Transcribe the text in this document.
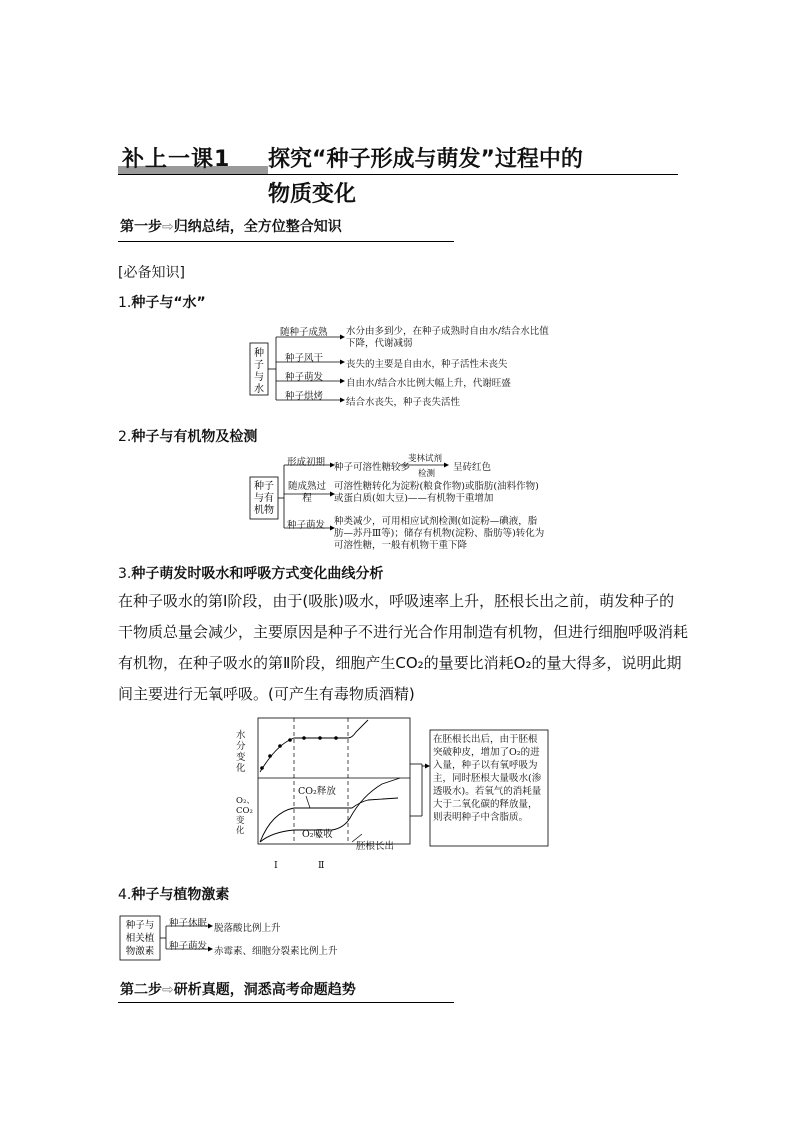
补上一课1 探究“种子形成与萌发”过程中的
物质变化
第一步⇨归纳总结，全方位整合知识
[必备知识]
1.种子与“水”
种
子
与
水
随种子成熟 水分由多到少，在种子成熟时自由水/结合水比值下降，代谢减弱
种子风干
丧失的主要是自由水，种子活性未丧失
种子萌发
自由水/结合水比例大幅上升，代谢旺盛
种子烘烤
结合水丧失，种子丧失活性
2.种子与有机物及检测
种子
与有
机物
形成初期 种子可溶性糖较多
斐林试剂
检测
呈砖红色
随成熟过程
可溶性糖转化为淀粉(粮食作物)或脂肪(油料作物)或蛋白质(如大豆)——有机物干重增加
种子萌发 种类减少，可用相应试剂检测(如淀粉—碘液，脂肪—苏丹Ⅲ等)；储存有机物(淀粉、脂肪等)转化为可溶性糖，一般有机物干重下降
3.种子萌发时吸水和呼吸方式变化曲线分析
在种子吸水的第Ⅰ阶段，由于(吸胀)吸水，呼吸速率上升，胚根长出之前，萌发种子的干物质总量会减少，主要原因是种子不进行光合作用制造有机物，但进行细胞呼吸消耗有机物，在种子吸水的第Ⅱ阶段，细胞产生CO₂的量要比消耗O₂的量大得多，说明此期间主要进行无氧呼吸。(可产生有毒物质酒精)
水分变化
O₂、CO₂变化
CO₂释放
O₂吸收
胚根长出
Ⅰ	Ⅱ
在胚根长出后，由于胚根突破种皮，增加了O₂的进入量，种子以有氧呼吸为主，同时胚根大量吸水(渗透吸水)。若氧气的消耗量大于二氧化碳的释放量，则表明种子中含脂质。
4.种子与植物激素
种子与
相关植
物激素
种子休眠 脱落酸比例上升
种子萌发 赤霉素、细胞分裂素比例上升
第二步⇨研析真题，洞悉高考命题趋势
